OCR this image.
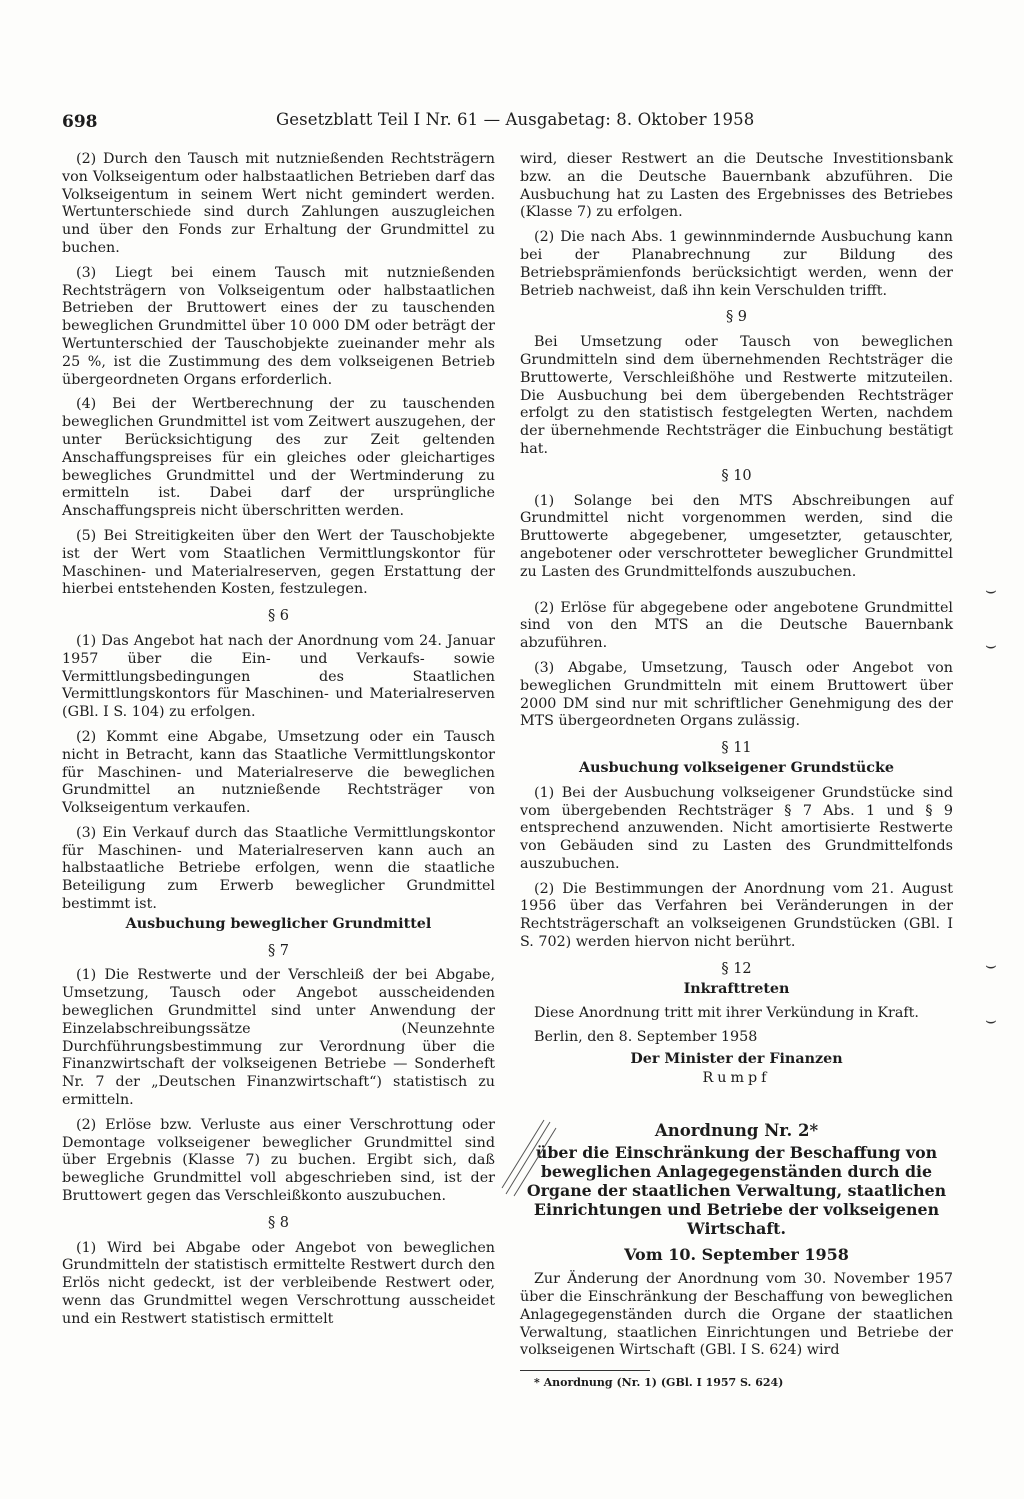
698	Gesetzblatt Teil I Nr. 61 — Ausgabetag: 8. Oktober 1958

(2) Durch den Tausch mit nutznießenden Rechtsträgern von Volkseigentum oder halbstaatlichen Betrieben darf das Volkseigentum in seinem Wert nicht gemindert werden. Wertunterschiede sind durch Zahlungen auszugleichen und über den Fonds zur Erhaltung der Grundmittel zu buchen.

(3) Liegt bei einem Tausch mit nutznießenden Rechtsträgern von Volkseigentum oder halbstaatlichen Betrieben der Bruttowert eines der zu tauschenden beweglichen Grundmittel über 10 000 DM oder beträgt der Wertunterschied der Tauschobjekte zueinander mehr als 25 %, ist die Zustimmung des dem volkseigenen Betrieb übergeordneten Organs erforderlich.

(4) Bei der Wertberechnung der zu tauschenden beweglichen Grundmittel ist vom Zeitwert auszugehen, der unter Berücksichtigung des zur Zeit geltenden Anschaffungspreises für ein gleiches oder gleichartiges bewegliches Grundmittel und der Wertminderung zu ermitteln ist. Dabei darf der ursprüngliche Anschaffungspreis nicht überschritten werden.

(5) Bei Streitigkeiten über den Wert der Tauschobjekte ist der Wert vom Staatlichen Vermittlungskontor für Maschinen- und Materialreserven, gegen Erstattung der hierbei entstehenden Kosten, festzulegen.

§ 6

(1) Das Angebot hat nach der Anordnung vom 24. Januar 1957 über die Ein- und Verkaufs- sowie Vermittlungsbedingungen des Staatlichen Vermittlungskontors für Maschinen- und Materialreserven (GBl. I S. 104) zu erfolgen.

(2) Kommt eine Abgabe, Umsetzung oder ein Tausch nicht in Betracht, kann das Staatliche Vermittlungskontor für Maschinen- und Materialreserve die beweglichen Grundmittel an nutznießende Rechtsträger von Volkseigentum verkaufen.

(3) Ein Verkauf durch das Staatliche Vermittlungskontor für Maschinen- und Materialreserven kann auch an halbstaatliche Betriebe erfolgen, wenn die staatliche Beteiligung zum Erwerb beweglicher Grundmittel bestimmt ist.

Ausbuchung beweglicher Grundmittel

§ 7

(1) Die Restwerte und der Verschleiß der bei Abgabe, Umsetzung, Tausch oder Angebot ausscheidenden beweglichen Grundmittel sind unter Anwendung der Einzelabschreibungssätze (Neunzehnte Durchführungsbestimmung zur Verordnung über die Finanzwirtschaft der volkseigenen Betriebe — Sonderheft Nr. 7 der „Deutschen Finanzwirtschaft“) statistisch zu ermitteln.

(2) Erlöse bzw. Verluste aus einer Verschrottung oder Demontage volkseigener beweglicher Grundmittel sind über Ergebnis (Klasse 7) zu buchen. Ergibt sich, daß bewegliche Grundmittel voll abgeschrieben sind, ist der Bruttowert gegen das Verschleißkonto auszubuchen.

§ 8

(1) Wird bei Abgabe oder Angebot von beweglichen Grundmitteln der statistisch ermittelte Restwert durch den Erlös nicht gedeckt, ist der verbleibende Restwert oder, wenn das Grundmittel wegen Verschrottung ausscheidet und ein Restwert statistisch ermittelt

wird, dieser Restwert an die Deutsche Investitionsbank bzw. an die Deutsche Bauernbank abzuführen. Die Ausbuchung hat zu Lasten des Ergebnisses des Betriebes (Klasse 7) zu erfolgen.

(2) Die nach Abs. 1 gewinnmindernde Ausbuchung kann bei der Planabrechnung zur Bildung des Betriebsprämienfonds berücksichtigt werden, wenn der Betrieb nachweist, daß ihn kein Verschulden trifft.

§ 9

Bei Umsetzung oder Tausch von beweglichen Grundmitteln sind dem übernehmenden Rechtsträger die Bruttowerte, Verschleißhöhe und Restwerte mitzuteilen. Die Ausbuchung bei dem übergebenden Rechtsträger erfolgt zu den statistisch festgelegten Werten, nachdem der übernehmende Rechtsträger die Einbuchung bestätigt hat.

§ 10

(1) Solange bei den MTS Abschreibungen auf Grundmittel nicht vorgenommen werden, sind die Bruttowerte abgegebener, umgesetzter, getauschter, angebotener oder verschrotteter beweglicher Grundmittel zu Lasten des Grundmittelfonds auszubuchen.

(2) Erlöse für abgegebene oder angebotene Grundmittel sind von den MTS an die Deutsche Bauernbank abzuführen.

(3) Abgabe, Umsetzung, Tausch oder Angebot von beweglichen Grundmitteln mit einem Bruttowert über 2000 DM sind nur mit schriftlicher Genehmigung des der MTS übergeordneten Organs zulässig.

§ 11

Ausbuchung volkseigener Grundstücke

(1) Bei der Ausbuchung volkseigener Grundstücke sind vom übergebenden Rechtsträger § 7 Abs. 1 und § 9 entsprechend anzuwenden. Nicht amortisierte Restwerte von Gebäuden sind zu Lasten des Grundmittelfonds auszubuchen.

(2) Die Bestimmungen der Anordnung vom 21. August 1956 über das Verfahren bei Veränderungen in der Rechtsträgerschaft an volkseigenen Grundstücken (GBl. I S. 702) werden hiervon nicht berührt.

§ 12

Inkrafttreten

Diese Anordnung tritt mit ihrer Verkündung in Kraft.

Berlin, den 8. September 1958

Der Minister der Finanzen

Rumpf

Anordnung Nr. 2*

über die Einschränkung der Beschaffung von beweglichen Anlagegegenständen durch die Organe der staatlichen Verwaltung, staatlichen Einrichtungen und Betriebe der volkseigenen Wirtschaft.

Vom 10. September 1958

Zur Änderung der Anordnung vom 30. November 1957 über die Einschränkung der Beschaffung von beweglichen Anlagegegenständen durch die Organe der staatlichen Verwaltung, staatlichen Einrichtungen und Betriebe der volkseigenen Wirtschaft (GBl. I S. 624) wird

* Anordnung (Nr. 1) (GBl. I 1957 S. 624)

⌣
⌣
⌣
⌣
